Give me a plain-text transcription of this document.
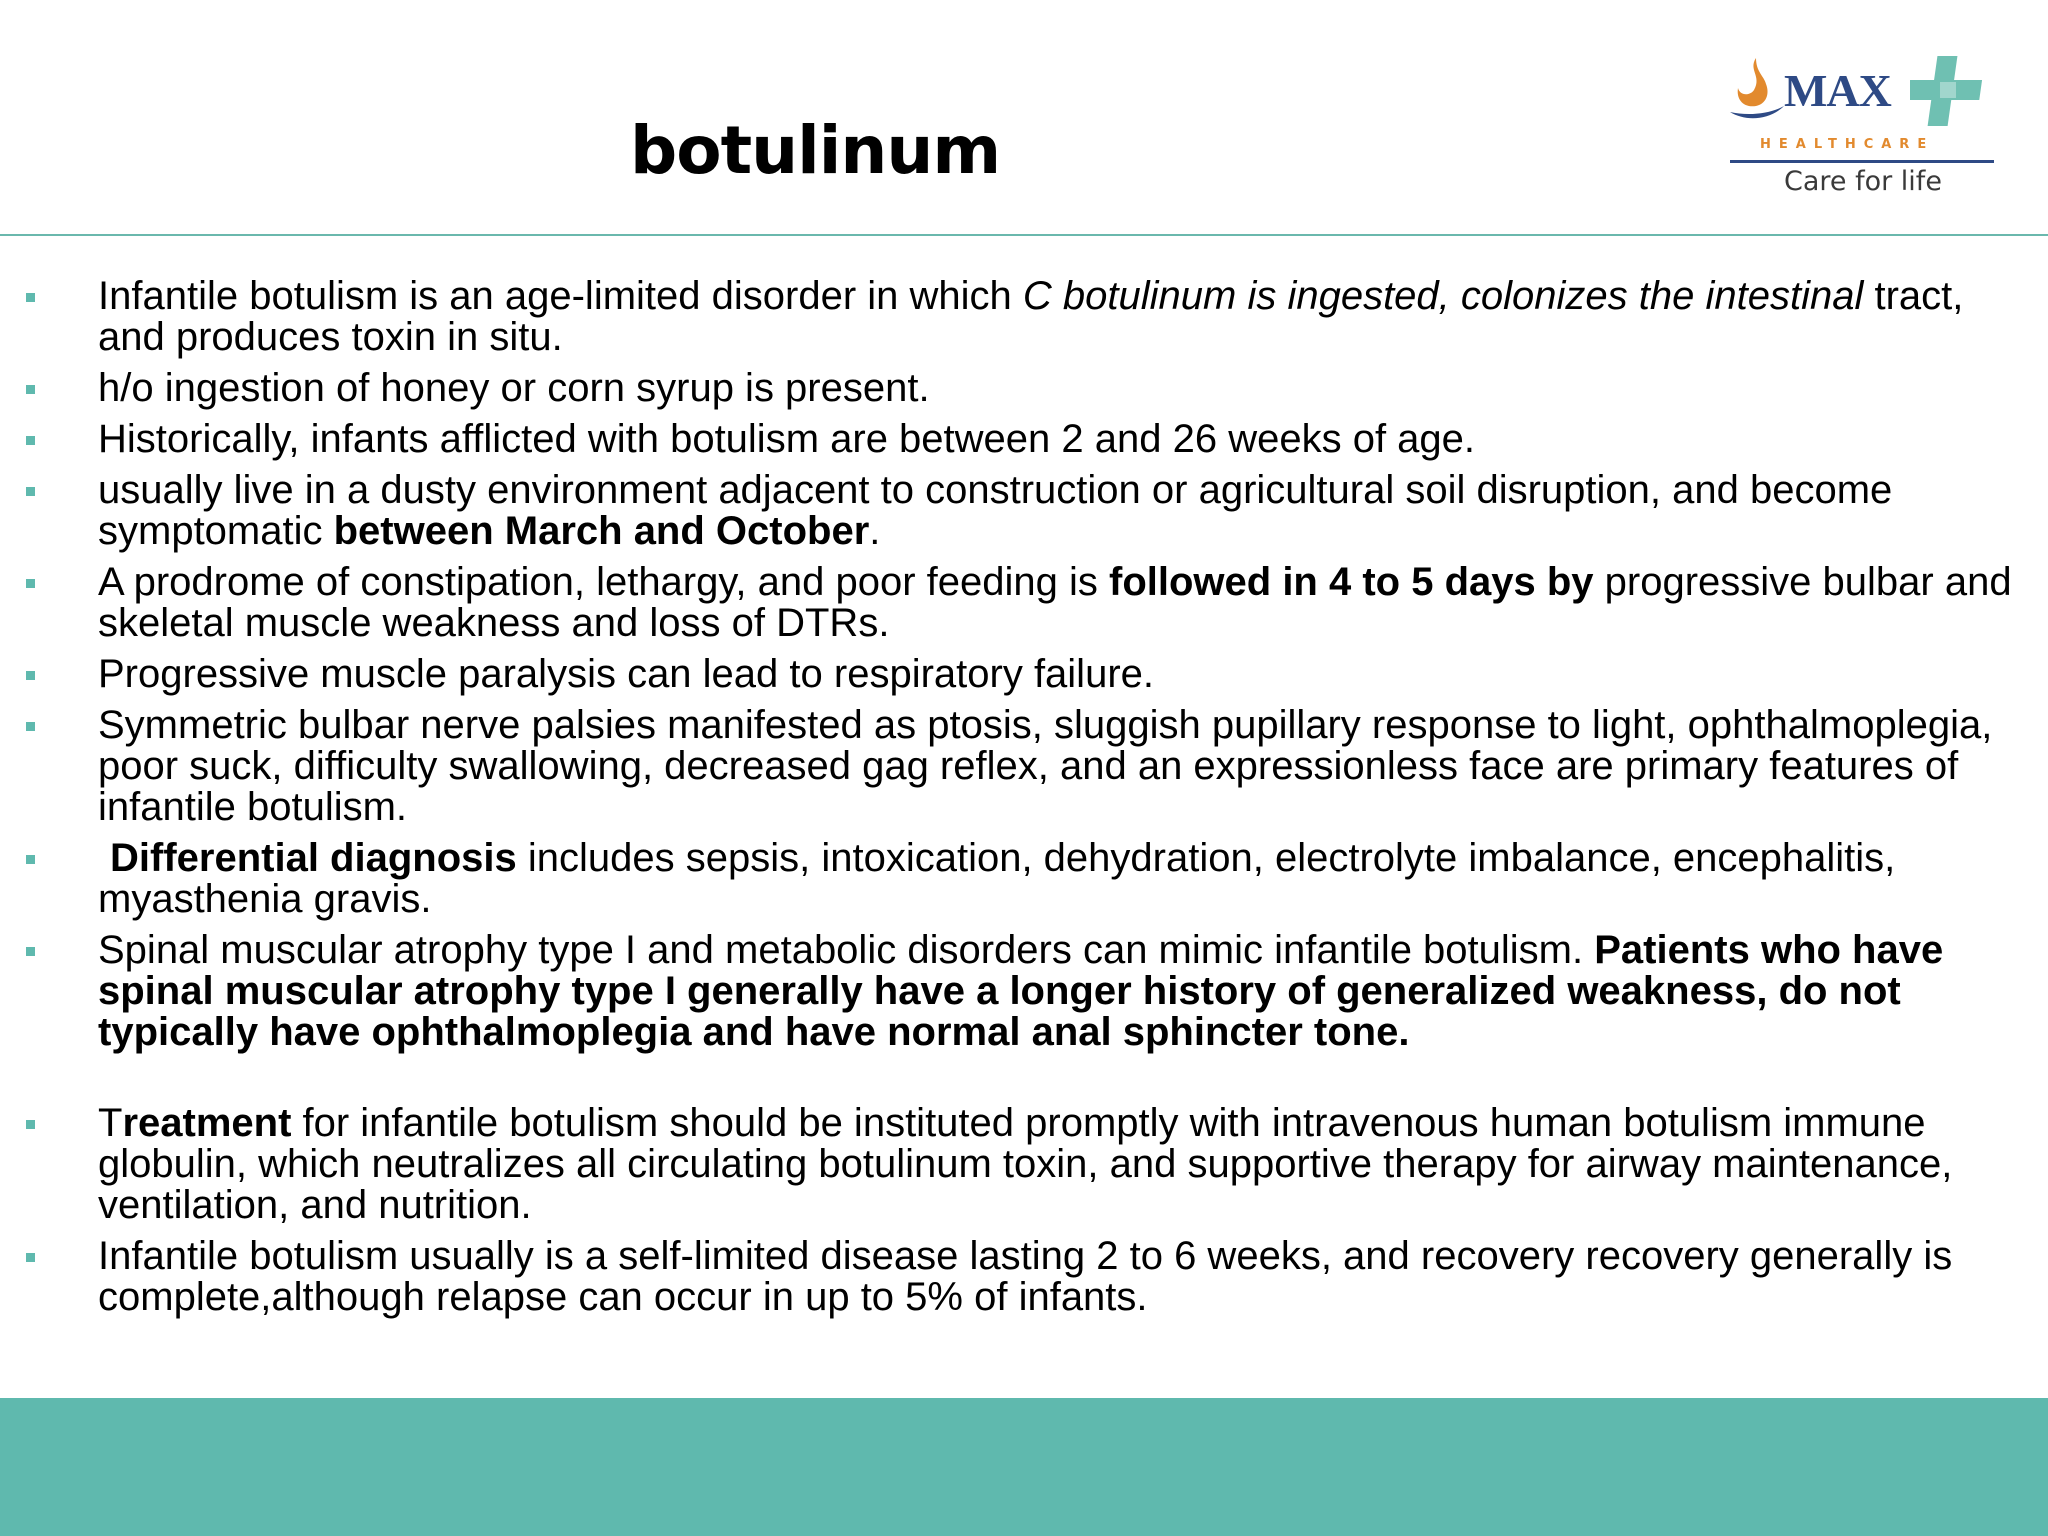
botulinum
MAX
HEALTHCARE
Care for life
Infantile botulism is an age-limited disorder in which C botulinum is ingested, colonizes the intestinal tract, and produces toxin in situ.
h/o ingestion of honey or corn syrup is present.
Historically, infants afflicted with botulism are between 2 and 26 weeks of age.
usually live in a dusty environment adjacent to construction or agricultural soil disruption, and become symptomatic between March and October.
A prodrome of constipation, lethargy, and poor feeding is followed in 4 to 5 days by progressive bulbar and skeletal muscle weakness and loss of DTRs.
Progressive muscle paralysis can lead to respiratory failure.
Symmetric bulbar nerve palsies manifested as ptosis, sluggish pupillary response to light, ophthalmoplegia, poor suck, difficulty swallowing, decreased gag reflex, and an expressionless face are primary features of infantile botulism.
Differential diagnosis includes sepsis, intoxication, dehydration, electrolyte imbalance, encephalitis, myasthenia gravis.
Spinal muscular atrophy type I and metabolic disorders can mimic infantile botulism. Patients who have spinal muscular atrophy type I generally have a longer history of generalized weakness, do not typically have ophthalmoplegia and have normal anal sphincter tone.
Treatment for infantile botulism should be instituted promptly with intravenous human botulism immune globulin, which neutralizes all circulating botulinum toxin, and supportive therapy for airway maintenance, ventilation, and nutrition.
Infantile botulism usually is a self-limited disease lasting 2 to 6 weeks, and recovery recovery generally is complete,although relapse can occur in up to 5% of infants.
